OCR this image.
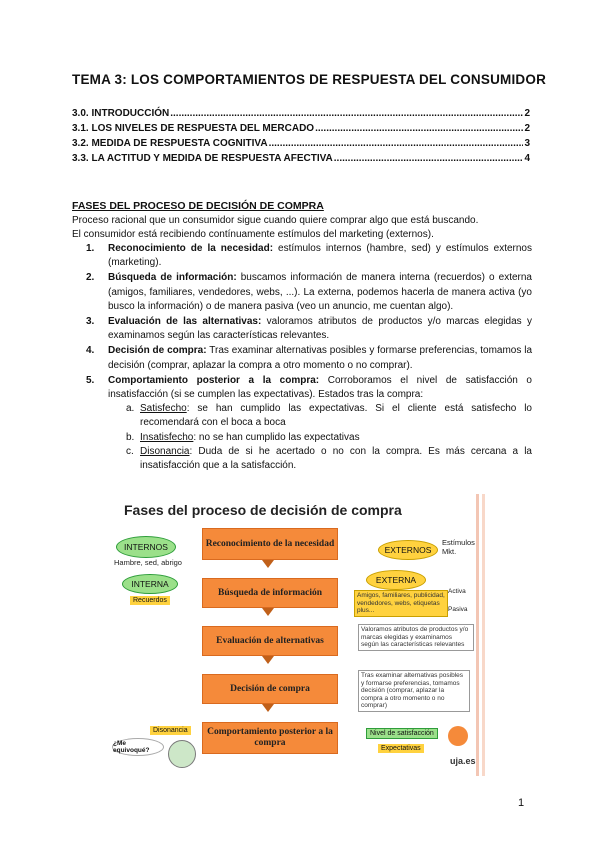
TEMA 3: LOS COMPORTAMIENTOS DE RESPUESTA DEL CONSUMIDOR
3.0. INTRODUCCIÓN .....	2
3.1. LOS NIVELES DE RESPUESTA DEL MERCADO .....	2
3.2. MEDIDA DE RESPUESTA COGNITIVA .....	3
3.3. LA ACTITUD Y MEDIDA DE RESPUESTA AFECTIVA .....	4
FASES DEL PROCESO DE DECISIÓN DE COMPRA
Proceso racional que un consumidor sigue cuando quiere comprar algo que está buscando.
El consumidor está recibiendo contínuamente estímulos del marketing (externos).
1. Reconocimiento de la necesidad: estímulos internos (hambre, sed) y estímulos externos (marketing).
2. Búsqueda de información: buscamos información de manera interna (recuerdos) o externa (amigos, familiares, vendedores, webs, ...). La externa, podemos hacerla de manera activa (yo busco la información) o de manera pasiva (veo un anuncio, me cuentan algo).
3. Evaluación de las alternativas: valoramos atributos de productos y/o marcas elegidas y examinamos según las características relevantes.
4. Decisión de compra: Tras examinar alternativas posibles y formarse preferencias, tomamos la decisión (comprar, aplazar la compra a otro momento o no comprar).
5. Comportamiento posterior a la compra: Corroboramos el nivel de satisfacción o insatisfacción (si se cumplen las expectativas). Estados tras la compra:
a. Satisfecho: se han cumplido las expectativas. Si el cliente está satisfecho lo recomendará con el boca a boca
b. Insatisfecho: no se han cumplido las expectativas
c. Disonancia: Duda de si he acertado o no con la compra. Es más cercana a la insatisfacción que a la satisfacción.
Fases del proceso de decisión de compra
Reconocimiento de la necesidad
Búsqueda de información
Evaluación de alternativas
Decisión de compra
Comportamiento posterior a la compra
INTERNOS
Hambre, sed, abrigo
INTERNA
Recuerdos
EXTERNOS
Estímulos Mkt.
EXTERNA
Amigos, familiares, publicidad, vendedores, webs, etiquetas plus...
Activa
Pasiva
Valoramos atributos de productos y/o marcas elegidas y examinamos según las características relevantes
Tras examinar alternativas posibles y formarse preferencias, tomamos decisión (comprar, aplazar la compra a otro momento o no comprar)
Disonancia
¿Me equivoqué?
Nivel de satisfacción
Expectativas
uja.es
1
